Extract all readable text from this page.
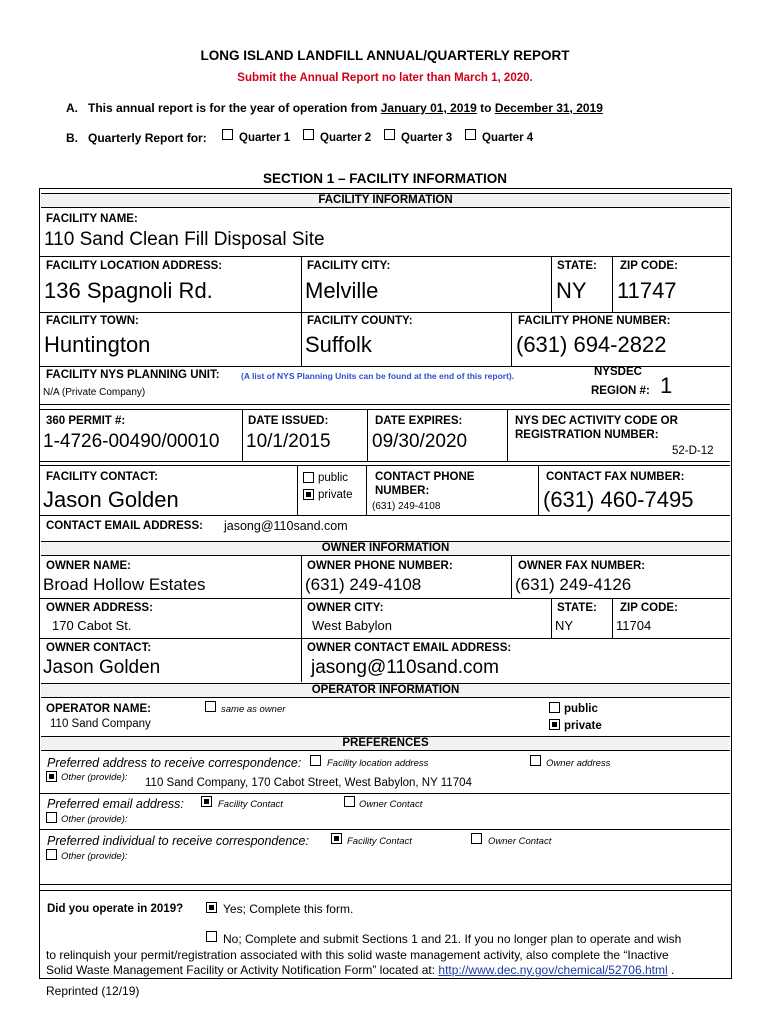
LONG ISLAND LANDFILL ANNUAL/QUARTERLY REPORT
Submit the Annual Report no later than March 1, 2020.
A. This annual report is for the year of operation from January 01, 2019 to December 31, 2019
B. Quarterly Report for:	Quarter 1	Quarter 2	Quarter 3	Quarter 4
SECTION 1 – FACILITY INFORMATION
FACILITY INFORMATION
FACILITY NAME:
110 Sand Clean Fill Disposal Site
FACILITY LOCATION ADDRESS:
136 Spagnoli Rd.
FACILITY CITY:
Melville
STATE:
NY
ZIP CODE:
11747
FACILITY TOWN:
Huntington
FACILITY COUNTY:
Suffolk
FACILITY PHONE NUMBER:
(631) 694-2822
FACILITY NYS PLANNING UNIT:	(A list of NYS Planning Units can be found at the end of this report).
N/A (Private Company)
NYSDEC
REGION #: 1
360 PERMIT #:
1-4726-00490/00010
DATE ISSUED:
10/1/2015
DATE EXPIRES:
09/30/2020
NYS DEC ACTIVITY CODE OR
REGISTRATION NUMBER:
52-D-12
FACILITY CONTACT:
Jason Golden
public
private
CONTACT PHONE
NUMBER:
(631) 249-4108
CONTACT FAX NUMBER:
(631) 460-7495
CONTACT EMAIL ADDRESS: jasong@110sand.com
OWNER INFORMATION
OWNER NAME:
Broad Hollow Estates
OWNER PHONE NUMBER:
(631) 249-4108
OWNER FAX NUMBER:
(631) 249-4126
OWNER ADDRESS:
170 Cabot St.
OWNER CITY:
West Babylon
STATE:
NY
ZIP CODE:
11704
OWNER CONTACT:
Jason Golden
OWNER CONTACT EMAIL ADDRESS:
jasong@110sand.com
OPERATOR INFORMATION
OPERATOR NAME:
110 Sand Company
same as owner	public
private
PREFERENCES
Preferred address to receive correspondence:	Facility location address	Owner address
Other (provide): 110 Sand Company, 170 Cabot Street, West Babylon, NY 11704
Preferred email address:	Facility Contact	Owner Contact
Other (provide):
Preferred individual to receive correspondence:	Facility Contact	Owner Contact
Other (provide):
Did you operate in 2019?	Yes; Complete this form.
No; Complete and submit Sections 1 and 21. If you no longer plan to operate and wish
to relinquish your permit/registration associated with this solid waste management activity, also complete the “Inactive
Solid Waste Management Facility or Activity Notification Form” located at: http://www.dec.ny.gov/chemical/52706.html .
Reprinted (12/19)
